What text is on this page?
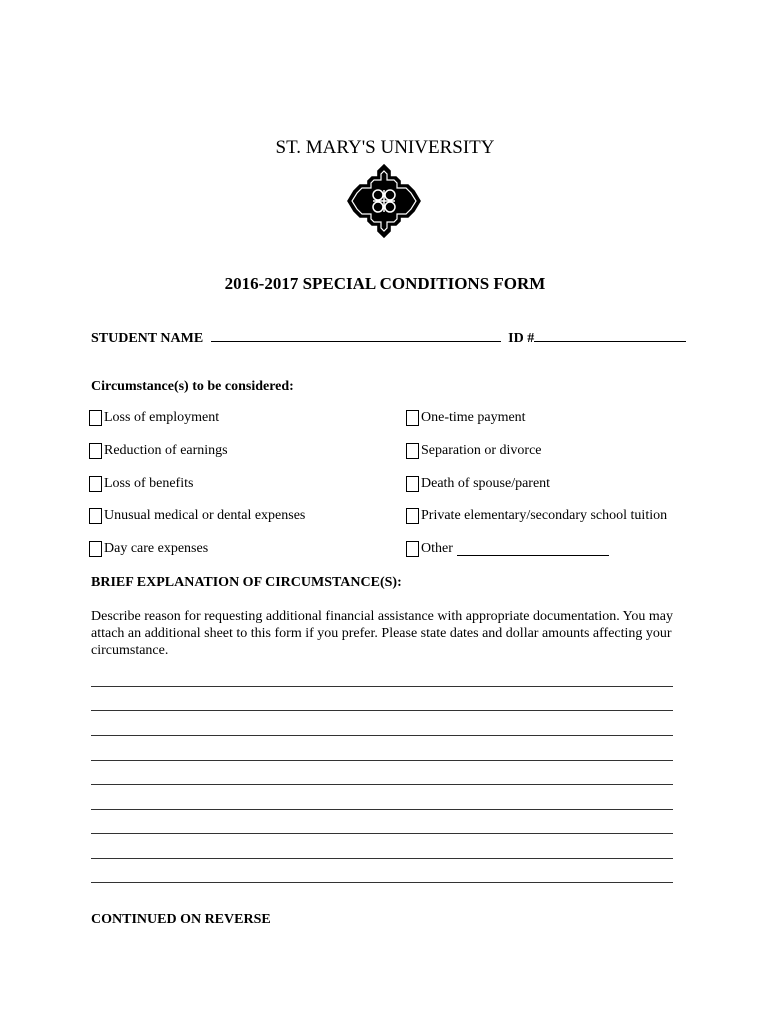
ST. MARY'S UNIVERSITY
2016-2017 SPECIAL CONDITIONS FORM
STUDENT NAME	ID #
Circumstance(s) to be considered:
Loss of employment
Reduction of earnings
Loss of benefits
Unusual medical or dental expenses
Day care expenses
One-time payment
Separation or divorce
Death of spouse/parent
Private elementary/secondary school tuition
Other
BRIEF EXPLANATION OF CIRCUMSTANCE(S):
Describe reason for requesting additional financial assistance with appropriate documentation. You may attach an additional sheet to this form if you prefer. Please state dates and dollar amounts affecting your circumstance.
CONTINUED ON REVERSE
